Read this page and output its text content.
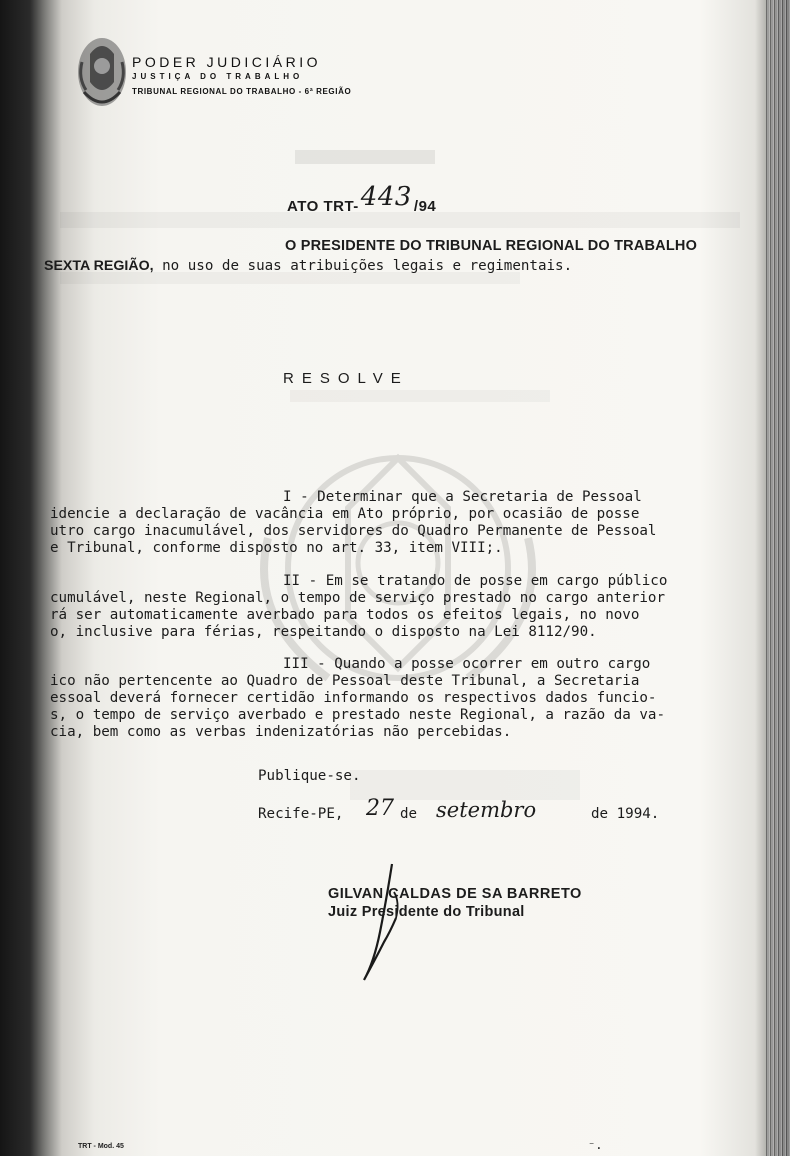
PODER JUDICIÁRIO
JUSTIÇA DO TRABALHO
TRIBUNAL REGIONAL DO TRABALHO - 6ª REGIÃO
ATO TRT-443 /94
O PRESIDENTE DO TRIBUNAL REGIONAL DO TRABALHO
SEXTA REGIÃO, no uso de suas atribuições legais e regimentais.
RESOLVE
I - Determinar que a Secretaria de Pessoal
idencie a declaração de vacância em Ato próprio, por ocasião de posse
utro cargo inacumulável, dos servidores do Quadro Permanente de Pessoal
e Tribunal, conforme disposto no art. 33, item VIII;.
II - Em se tratando de posse em cargo público
cumulável, neste Regional, o tempo de serviço prestado no cargo anterior
rá ser automaticamente averbado para todos os efeitos legais, no novo
o, inclusive para férias, respeitando o disposto na Lei 8112/90.
III - Quando a posse ocorrer em outro cargo
ico não pertencente ao Quadro de Pessoal deste Tribunal, a Secretaria
essoal deverá fornecer certidão informando os respectivos dados funcio-
s, o tempo de serviço averbado e prestado neste Regional, a razão da va-
cia, bem como as verbas indenizatórias não percebidas.
Publique-se.
Recife-PE, 27 de setembro	de 1994.
GILVAN CALDAS DE SA BARRETO
Juiz Presidente do Tribunal
TRT - Mod. 45	⁻.
